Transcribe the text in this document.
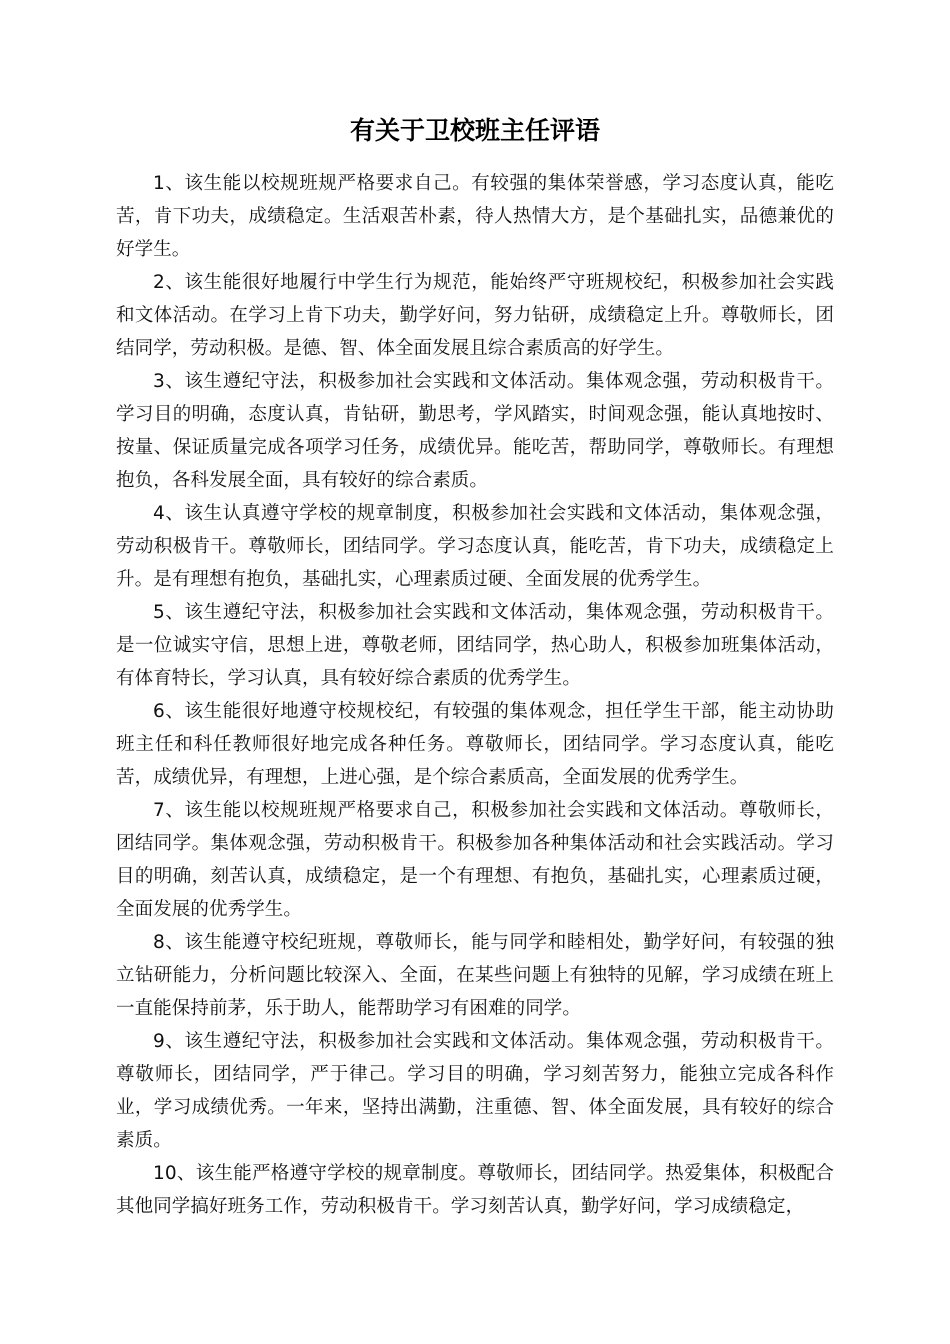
有关于卫校班主任评语

1、该生能以校规班规严格要求自己。有较强的集体荣誉感，学习态度认真，能吃苦，肯下功夫，成绩稳定。生活艰苦朴素，待人热情大方，是个基础扎实，品德兼优的好学生。

2、该生能很好地履行中学生行为规范，能始终严守班规校纪，积极参加社会实践和文体活动。在学习上肯下功夫，勤学好问，努力钻研，成绩稳定上升。尊敬师长，团结同学，劳动积极。是德、智、体全面发展且综合素质高的好学生。

3、该生遵纪守法，积极参加社会实践和文体活动。集体观念强，劳动积极肯干。学习目的明确，态度认真，肯钻研，勤思考，学风踏实，时间观念强，能认真地按时、按量、保证质量完成各项学习任务，成绩优异。能吃苦，帮助同学，尊敬师长。有理想抱负，各科发展全面，具有较好的综合素质。

4、该生认真遵守学校的规章制度，积极参加社会实践和文体活动，集体观念强，劳动积极肯干。尊敬师长，团结同学。学习态度认真，能吃苦，肯下功夫，成绩稳定上升。是有理想有抱负，基础扎实，心理素质过硬、全面发展的优秀学生。

5、该生遵纪守法，积极参加社会实践和文体活动，集体观念强，劳动积极肯干。是一位诚实守信，思想上进，尊敬老师，团结同学，热心助人，积极参加班集体活动，有体育特长，学习认真，具有较好综合素质的优秀学生。

6、该生能很好地遵守校规校纪，有较强的集体观念，担任学生干部，能主动协助班主任和科任教师很好地完成各种任务。尊敬师长，团结同学。学习态度认真，能吃苦，成绩优异，有理想，上进心强，是个综合素质高，全面发展的优秀学生。

7、该生能以校规班规严格要求自己，积极参加社会实践和文体活动。尊敬师长，团结同学。集体观念强，劳动积极肯干。积极参加各种集体活动和社会实践活动。学习目的明确，刻苦认真，成绩稳定，是一个有理想、有抱负，基础扎实，心理素质过硬，全面发展的优秀学生。

8、该生能遵守校纪班规，尊敬师长，能与同学和睦相处，勤学好问，有较强的独立钻研能力，分析问题比较深入、全面，在某些问题上有独特的见解，学习成绩在班上一直能保持前茅，乐于助人，能帮助学习有困难的同学。

9、该生遵纪守法，积极参加社会实践和文体活动。集体观念强，劳动积极肯干。尊敬师长，团结同学，严于律己。学习目的明确，学习刻苦努力，能独立完成各科作业，学习成绩优秀。一年来，坚持出满勤，注重德、智、体全面发展，具有较好的综合素质。

10、该生能严格遵守学校的规章制度。尊敬师长，团结同学。热爱集体，积极配合其他同学搞好班务工作，劳动积极肯干。学习刻苦认真，勤学好问，学习成绩稳定，
